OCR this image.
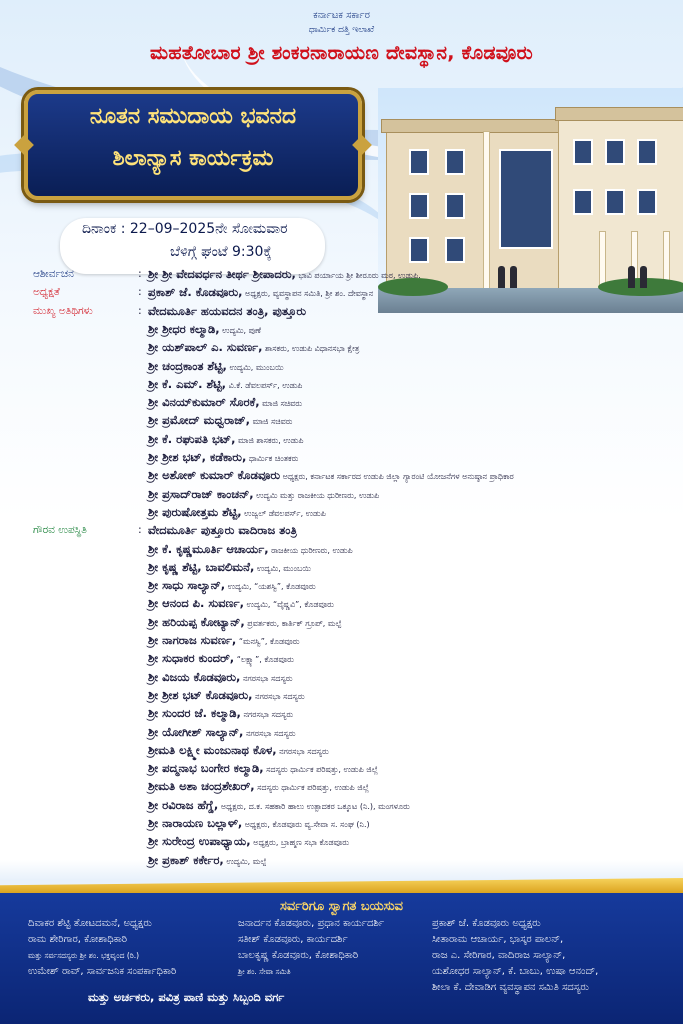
ಕರ್ನಾಟಕ ಸರ್ಕಾರ
ಧಾರ್ಮಿಕ ದತ್ತಿ ಇಲಾಖೆ
ಮಹತೋಬಾರ ಶ್ರೀ ಶಂಕರನಾರಾಯಣ ದೇವಸ್ಥಾನ, ಕೊಡವೂರು
ನೂತನ ಸಮುದಾಯ ಭವನದ
ಶಿಲಾನ್ಯಾಸ ಕಾರ್ಯಕ್ರಮ
ದಿನಾಂಕ : 22–09–2025ನೇ ಸೋಮವಾರ
ಬೆಳಿಗ್ಗೆ ಘಂಟೆ 9:30ಕ್ಕೆ
ಆಶೀರ್ವಚನ	: ಶ್ರೀ ಶ್ರೀ ವೇದವರ್ಧನ ತೀರ್ಥ ಶ್ರೀಪಾದರು, ಭಾವಿ ಪರ್ಯಾಯ ಶ್ರೀ ಶೀರೂರು ಮಠ, ಉಡುಪಿ.
ಅಧ್ಯಕ್ಷತೆ	: ಪ್ರಕಾಶ್ ಜೆ. ಕೊಡವೂರು, ಅಧ್ಯಕ್ಷರು, ವ್ಯವಸ್ಥಾಪನ ಸಮಿತಿ, ಶ್ರೀ ಶಂ. ದೇವಸ್ಥಾನ
ಮುಖ್ಯ ಅತಿಥಿಗಳು	: ವೇದಮೂರ್ತಿ ಹಯವದನ ತಂತ್ರಿ, ಪುತ್ತೂರು
ಶ್ರೀ ಶ್ರೀಧರ ಕಲ್ಮಾಡಿ, ಉದ್ಯಮಿ, ಪುಣೆ
ಶ್ರೀ ಯಶ್‌ಪಾಲ್ ಎ. ಸುವರ್ಣ, ಶಾಸಕರು, ಉಡುಪಿ ವಿಧಾನಸಭಾ ಕ್ಷೇತ್ರ
ಶ್ರೀ ಚಂದ್ರಕಾಂತ ಶೆಟ್ಟಿ, ಉದ್ಯಮಿ, ಮುಂಬಯಿ
ಶ್ರೀ ಕೆ. ಎಮ್. ಶೆಟ್ಟಿ, ವಿ.ಕೆ. ಡೆವಲಪರ್ಸ್, ಉಡುಪಿ
ಶ್ರೀ ವಿನಯ್‌ಕುಮಾರ್ ಸೊರಕೆ, ಮಾಜಿ ಸಚಿವರು
ಶ್ರೀ ಪ್ರಮೋದ್ ಮಧ್ವರಾಜ್, ಮಾಜಿ ಸಚಿವರು
ಶ್ರೀ ಕೆ. ರಘುಪತಿ ಭಟ್, ಮಾಜಿ ಶಾಸಕರು, ಉಡುಪಿ
ಶ್ರೀ ಶ್ರೀಶ ಭಟ್, ಕಡೆಕಾರು, ಧಾರ್ಮಿಕ ಚಿಂತಕರು
ಶ್ರೀ ಅಶೋಕ್ ಕುಮಾರ್ ಕೊಡವೂರು ಅಧ್ಯಕ್ಷರು, ಕರ್ನಾಟಕ ಸರ್ಕಾರದ ಉಡುಪಿ ಜಿಲ್ಲಾ ಗ್ಯಾರಂಟಿ ಯೋಜನೆಗಳ ಅನುಷ್ಠಾನ ಪ್ರಾಧಿಕಾರ
ಶ್ರೀ ಪ್ರಸಾದ್‌ರಾಜ್ ಕಾಂಚನ್, ಉದ್ಯಮಿ ಮತ್ತು ರಾಜಕೀಯ ಧುರೀಣರು, ಉಡುಪಿ
ಶ್ರೀ ಪುರುಷೋತ್ತಮ ಶೆಟ್ಟಿ, ಉಜ್ವಲ್ ಡೆವಲಪರ್ಸ್, ಉಡುಪಿ
ಗೌರವ ಉಪಸ್ಥಿತಿ	: ವೇದಮೂರ್ತಿ ಪುತ್ತೂರು ವಾದಿರಾಜ ತಂತ್ರಿ
ಶ್ರೀ ಕೆ. ಕೃಷ್ಣಮೂರ್ತಿ ಆಚಾರ್ಯ, ರಾಜಕೀಯ ಧುರೀಣರು, ಉಡುಪಿ
ಶ್ರೀ ಕೃಷ್ಣ ಶೆಟ್ಟಿ, ಬಾವಲಿಮನೆ, ಉದ್ಯಮಿ, ಮುಂಬಯಿ
ಶ್ರೀ ಸಾಧು ಸಾಲ್ಯಾನ್, ಉದ್ಯಮಿ, “ಯಶಸ್ವಿ”, ಕೊಡವೂರು
ಶ್ರೀ ಆನಂದ ಪಿ. ಸುವರ್ಣ, ಉದ್ಯಮಿ, “ವೈಷ್ಣವಿ”, ಕೊಡವೂರು
ಶ್ರೀ ಹರಿಯಪ್ಪ ಕೋಟ್ಯಾನ್, ಪ್ರವರ್ತಕರು, ಕಾರ್ತಿಕ್ ಗ್ರೂಪ್, ಮಲ್ಪೆ
ಶ್ರೀ ನಾಗರಾಜ ಸುವರ್ಣ, “ಮನಸ್ವಿ”, ಕೊಡವೂರು
ಶ್ರೀ ಸುಧಾಕರ ಕುಂದರ್, “ಲಕ್ಷ್ಯಾ”, ಕೊಡವೂರು
ಶ್ರೀ ವಿಜಯ ಕೊಡವೂರು, ನಗರಸಭಾ ಸದಸ್ಯರು
ಶ್ರೀ ಶ್ರೀಶ ಭಟ್ ಕೊಡವೂರು, ನಗರಸಭಾ ಸದಸ್ಯರು
ಶ್ರೀ ಸುಂದರ ಜೆ. ಕಲ್ಮಾಡಿ, ನಗರಸಭಾ ಸದಸ್ಯರು
ಶ್ರೀ ಯೋಗೀಶ್ ಸಾಲ್ಯಾನ್, ನಗರಸಭಾ ಸದಸ್ಯರು
ಶ್ರೀಮತಿ ಲಕ್ಷ್ಮೀ ಮಂಜುನಾಥ ಕೊಳ, ನಗರಸಭಾ ಸದಸ್ಯರು
ಶ್ರೀ ಪದ್ಮನಾಭ ಬಂಗೇರ ಕಲ್ಮಾಡಿ, ಸದಸ್ಯರು ಧಾರ್ಮಿಕ ಪರಿಷತ್ತು, ಉಡುಪಿ ಜಿಲ್ಲೆ
ಶ್ರೀಮತಿ ಅಶಾ ಚಂದ್ರಶೇಖರ್, ಸದಸ್ಯರು ಧಾರ್ಮಿಕ ಪರಿಷತ್ತು, ಉಡುಪಿ ಜಿಲ್ಲೆ
ಶ್ರೀ ರವಿರಾಜ ಹೆಗ್ಡೆ, ಅಧ್ಯಕ್ಷರು, ದ.ಕ. ಸಹಕಾರಿ ಹಾಲು ಉತ್ಪಾದಕರ ಒಕ್ಕೂಟ (ನಿ.), ಮಂಗಳೂರು
ಶ್ರೀ ನಾರಾಯಣ ಬಲ್ಲಾಳ್, ಅಧ್ಯಕ್ಷರು, ಕೊಡವೂರು ವ್ಯ.ಸೇವಾ ಸ. ಸಂಘ (ನಿ.)
ಶ್ರೀ ಸುರೇಂದ್ರ ಉಪಾಧ್ಯಾಯ, ಅಧ್ಯಕ್ಷರು, ಬ್ರಾಹ್ಮಣ ಸಭಾ ಕೊಡವೂರು
ಶ್ರೀ ಪ್ರಕಾಶ್ ಕರ್ಕೇರ, ಉದ್ಯಮಿ, ಮಲ್ಪೆ
ಸರ್ವರಿಗೂ ಸ್ವಾಗತ ಬಯಸುವ
ದಿವಾಕರ ಶೆಟ್ಟಿ ತೋಟದಮನೆ, ಅಧ್ಯಕ್ಷರು
ರಾಮ ಶೇರಿಗಾರ, ಕೋಶಾಧಿಕಾರಿ
ಮತ್ತು ಸರ್ವಸದಸ್ಯರು ಶ್ರೀ ಶಂ. ಭಕ್ತವೃಂದ (ರಿ.)
ಉಮೇಶ್ ರಾವ್, ಸಾರ್ವಜನಿಕ ಸಂಪರ್ಕಾಧಿಕಾರಿ
ಜನಾರ್ದನ ಕೊಡವೂರು, ಪ್ರಧಾನ ಕಾರ್ಯದರ್ಶಿ
ಸತೀಶ್ ಕೊಡವೂರು, ಕಾರ್ಯದರ್ಶಿ
ಬಾಲಕೃಷ್ಣ ಕೊಡವೂರು, ಕೋಶಾಧಿಕಾರಿ
ಶ್ರೀ ಶಂ. ಸೇವಾ ಸಮಿತಿ
ಪ್ರಕಾಶ್ ಜೆ. ಕೊಡವೂರು ಅಧ್ಯಕ್ಷರು
ಸೀತಾರಾಮ ಆಚಾರ್ಯ, ಭಾಸ್ಕರ ಪಾಲನ್,
ರಾಜ ಎ. ಸೇರಿಗಾರ, ವಾದಿರಾಜ ಸಾಲ್ಯಾನ್,
ಯಶೋಧರ ಸಾಲ್ಯಾನ್, ಕೆ. ಬಾಬು, ಉಷಾ ಆನಂದ್,
ಶೀಲಾ ಕೆ. ದೇವಾಡಿಗ ವ್ಯವಸ್ಥಾಪನ ಸಮಿತಿ ಸದಸ್ಯರು
ಮತ್ತು ಅರ್ಚಕರು, ಪವಿತ್ರ ಪಾಣಿ ಮತ್ತು ಸಿಬ್ಬಂದಿ ವರ್ಗ
